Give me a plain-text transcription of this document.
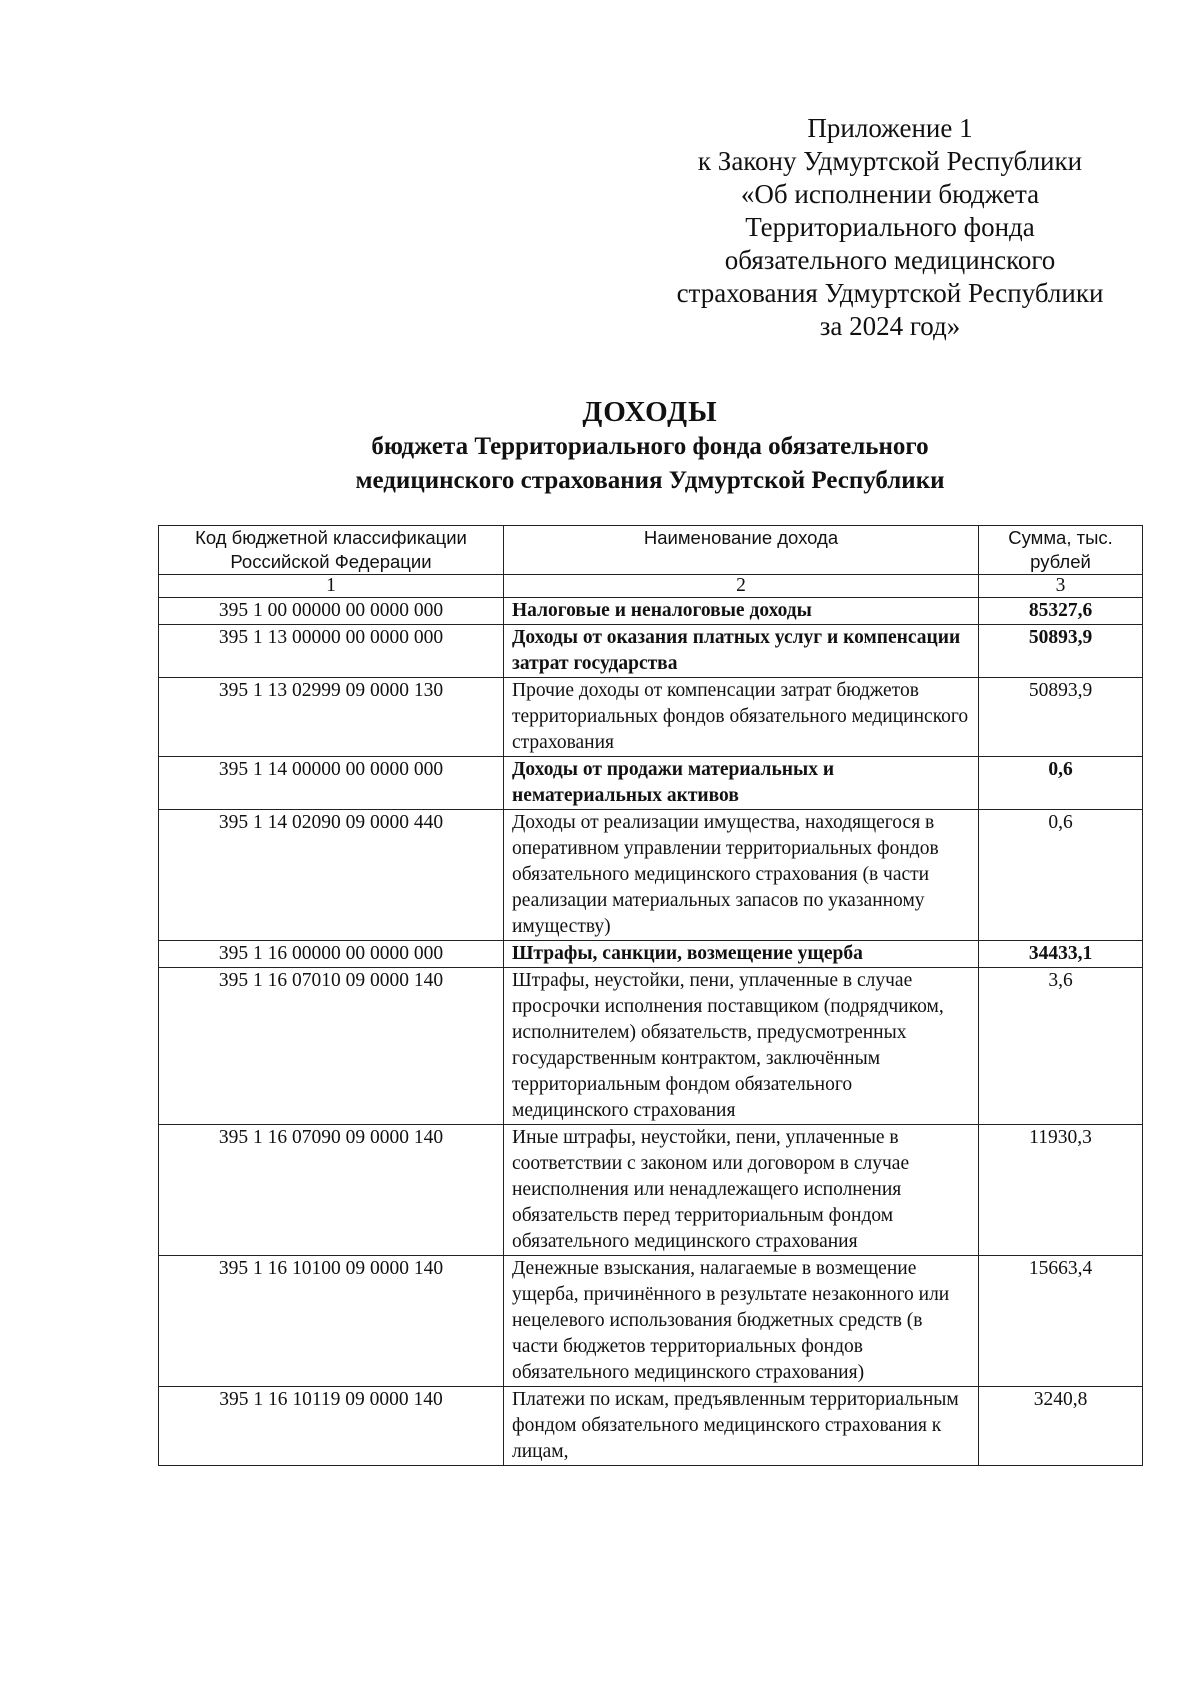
Приложение 1
к Закону Удмуртской Республики
«Об исполнении бюджета
Территориального фонда
обязательного медицинского
страхования Удмуртской Республики
за 2024 год»
ДОХОДЫ
бюджета Территориального фонда обязательного
медицинского страхования Удмуртской Республики
Код бюджетной классификации Российской Федерации	Наименование дохода	Сумма, тыс. рублей
1	2	3
395 1 00 00000 00 0000 000	Налоговые и неналоговые доходы	85327,6
395 1 13 00000 00 0000 000	Доходы от оказания платных услуг и компенсации затрат государства	50893,9
395 1 13 02999 09 0000 130	Прочие доходы от компенсации затрат бюджетов территориальных фондов обязательного медицинского страхования	50893,9
395 1 14 00000 00 0000 000	Доходы от продажи материальных и нематериальных активов	0,6
395 1 14 02090 09 0000 440	Доходы от реализации имущества, находящегося в оперативном управлении территориальных фондов обязательного медицинского страхования (в части реализации материальных запасов по указанному имуществу)	0,6
395 1 16 00000 00 0000 000	Штрафы, санкции, возмещение ущерба	34433,1
395 1 16 07010 09 0000 140	Штрафы, неустойки, пени, уплаченные в случае просрочки исполнения поставщиком (подрядчиком, исполнителем) обязательств, предусмотренных государственным контрактом, заключённым территориальным фондом обязательного медицинского страхования	3,6
395 1 16 07090 09 0000 140	Иные штрафы, неустойки, пени, уплаченные в соответствии с законом или договором в случае неисполнения или ненадлежащего исполнения обязательств перед территориальным фондом обязательного медицинского страхования	11930,3
395 1 16 10100 09 0000 140	Денежные взыскания, налагаемые в возмещение ущерба, причинённого в результате незаконного или нецелевого использования бюджетных средств (в части бюджетов территориальных фондов обязательного медицинского страхования)	15663,4
395 1 16 10119 09 0000 140	Платежи по искам, предъявленным территориальным фондом обязательного медицинского страхования к лицам,	3240,8
